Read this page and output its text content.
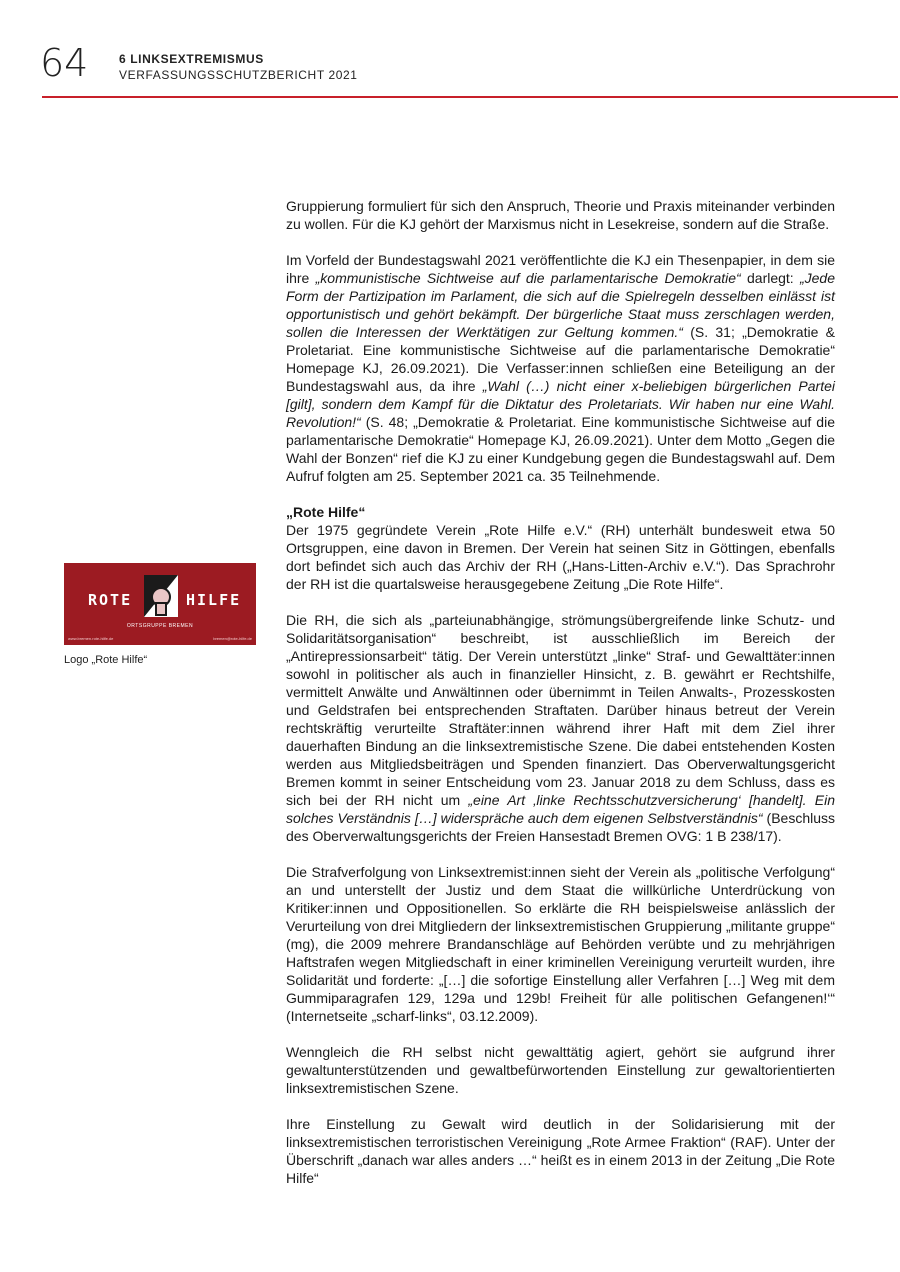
64	6 LINKSEXTREMISMUS
VERFASSUNGSSCHUTZBERICHT 2021
ROTE	HILFE
ORTSGRUPPE BREMEN
www.bremen.rote-hilfe.de	bremen@rote-hilfe.de
Logo „Rote Hilfe“

Gruppierung formuliert für sich den Anspruch, Theorie und Praxis miteinander verbinden zu wollen. Für die KJ gehört der Marxismus nicht in Lesekreise, sondern auf die Straße.

Im Vorfeld der Bundestagswahl 2021 veröffentlichte die KJ ein Thesenpapier, in dem sie ihre „kommunistische Sichtweise auf die parlamentarische Demokratie“ darlegt: „Jede Form der Partizipation im Parlament, die sich auf die Spielregeln desselben einlässt ist opportunistisch und gehört bekämpft. Der bürgerliche Staat muss zerschlagen werden, sollen die Interessen der Werktätigen zur Geltung kommen.“ (S. 31; „Demokratie & Proletariat. Eine kommunistische Sichtweise auf die parlamentarische Demokratie“ Homepage KJ, 26.09.2021). Die Verfasser:innen schließen eine Beteiligung an der Bundestagswahl aus, da ihre „Wahl (…) nicht einer x-beliebigen bürgerlichen Partei [gilt], sondern dem Kampf für die Diktatur des Proletariats. Wir haben nur eine Wahl. Revolution!“ (S. 48; „Demokratie & Proletariat. Eine kommunistische Sichtweise auf die parlamentarische Demokratie“ Homepage KJ, 26.09.2021). Unter dem Motto „Gegen die Wahl der Bonzen“ rief die KJ zu einer Kundgebung gegen die Bundestagswahl auf. Dem Aufruf folgten am 25. September 2021 ca. 35 Teilnehmende.

„Rote Hilfe“

Der 1975 gegründete Verein „Rote Hilfe e.V.“ (RH) unterhält bundesweit etwa 50 Ortsgruppen, eine davon in Bremen. Der Verein hat seinen Sitz in Göttingen, ebenfalls dort befindet sich auch das Archiv der RH („Hans-Litten-Archiv e.V.“). Das Sprachrohr der RH ist die quartalsweise herausgegebene Zeitung „Die Rote Hilfe“.

Die RH, die sich als „parteiunabhängige, strömungsübergreifende linke Schutz- und Solidaritätsorganisation“ beschreibt, ist ausschließlich im Bereich der „Antirepressionsarbeit“ tätig. Der Verein unterstützt „linke“ Straf- und Gewalttäter:innen sowohl in politischer als auch in finanzieller Hinsicht, z. B. gewährt er Rechtshilfe, vermittelt Anwälte und Anwältinnen oder übernimmt in Teilen Anwalts-, Prozesskosten und Geldstrafen bei entsprechenden Straftaten. Darüber hinaus betreut der Verein rechtskräftig verurteilte Straftäter:innen während ihrer Haft mit dem Ziel ihrer dauerhaften Bindung an die linksextremistische Szene. Die dabei entstehenden Kosten werden aus Mitgliedsbeiträgen und Spenden finanziert. Das Oberverwaltungsgericht Bremen kommt in seiner Entscheidung vom 23. Januar 2018 zu dem Schluss, dass es sich bei der RH nicht um „eine Art ‚linke Rechtsschutzversicherung‘ [handelt]. Ein solches Verständnis […] widerspräche auch dem eigenen Selbstverständnis“ (Beschluss des Oberverwaltungsgerichts der Freien Hansestadt Bremen OVG: 1 B 238/17).

Die Strafverfolgung von Linksextremist:innen sieht der Verein als „politische Verfolgung“ an und unterstellt der Justiz und dem Staat die willkürliche Unterdrückung von Kritiker:innen und Oppositionellen. So erklärte die RH beispielsweise anlässlich der Verurteilung von drei Mitgliedern der linksextremistischen Gruppierung „militante gruppe“ (mg), die 2009 mehrere Brandanschläge auf Behörden verübte und zu mehrjährigen Haftstrafen wegen Mitgliedschaft in einer kriminellen Vereinigung verurteilt wurden, ihre Solidarität und forderte: „[…] die sofortige Einstellung aller Verfahren […] Weg mit dem Gummiparagrafen 129, 129a und 129b! Freiheit für alle politischen Gefangenen!‘“ (Internetseite „scharf-links“, 03.12.2009).

Wenngleich die RH selbst nicht gewalttätig agiert, gehört sie aufgrund ihrer gewaltunterstützenden und gewaltbefürwortenden Einstellung zur gewaltorientierten linksextremistischen Szene.

Ihre Einstellung zu Gewalt wird deutlich in der Solidarisierung mit der linksextremistischen terroristischen Vereinigung „Rote Armee Fraktion“ (RAF). Unter der Überschrift „danach war alles anders …“ heißt es in einem 2013 in der Zeitung „Die Rote Hilfe“
